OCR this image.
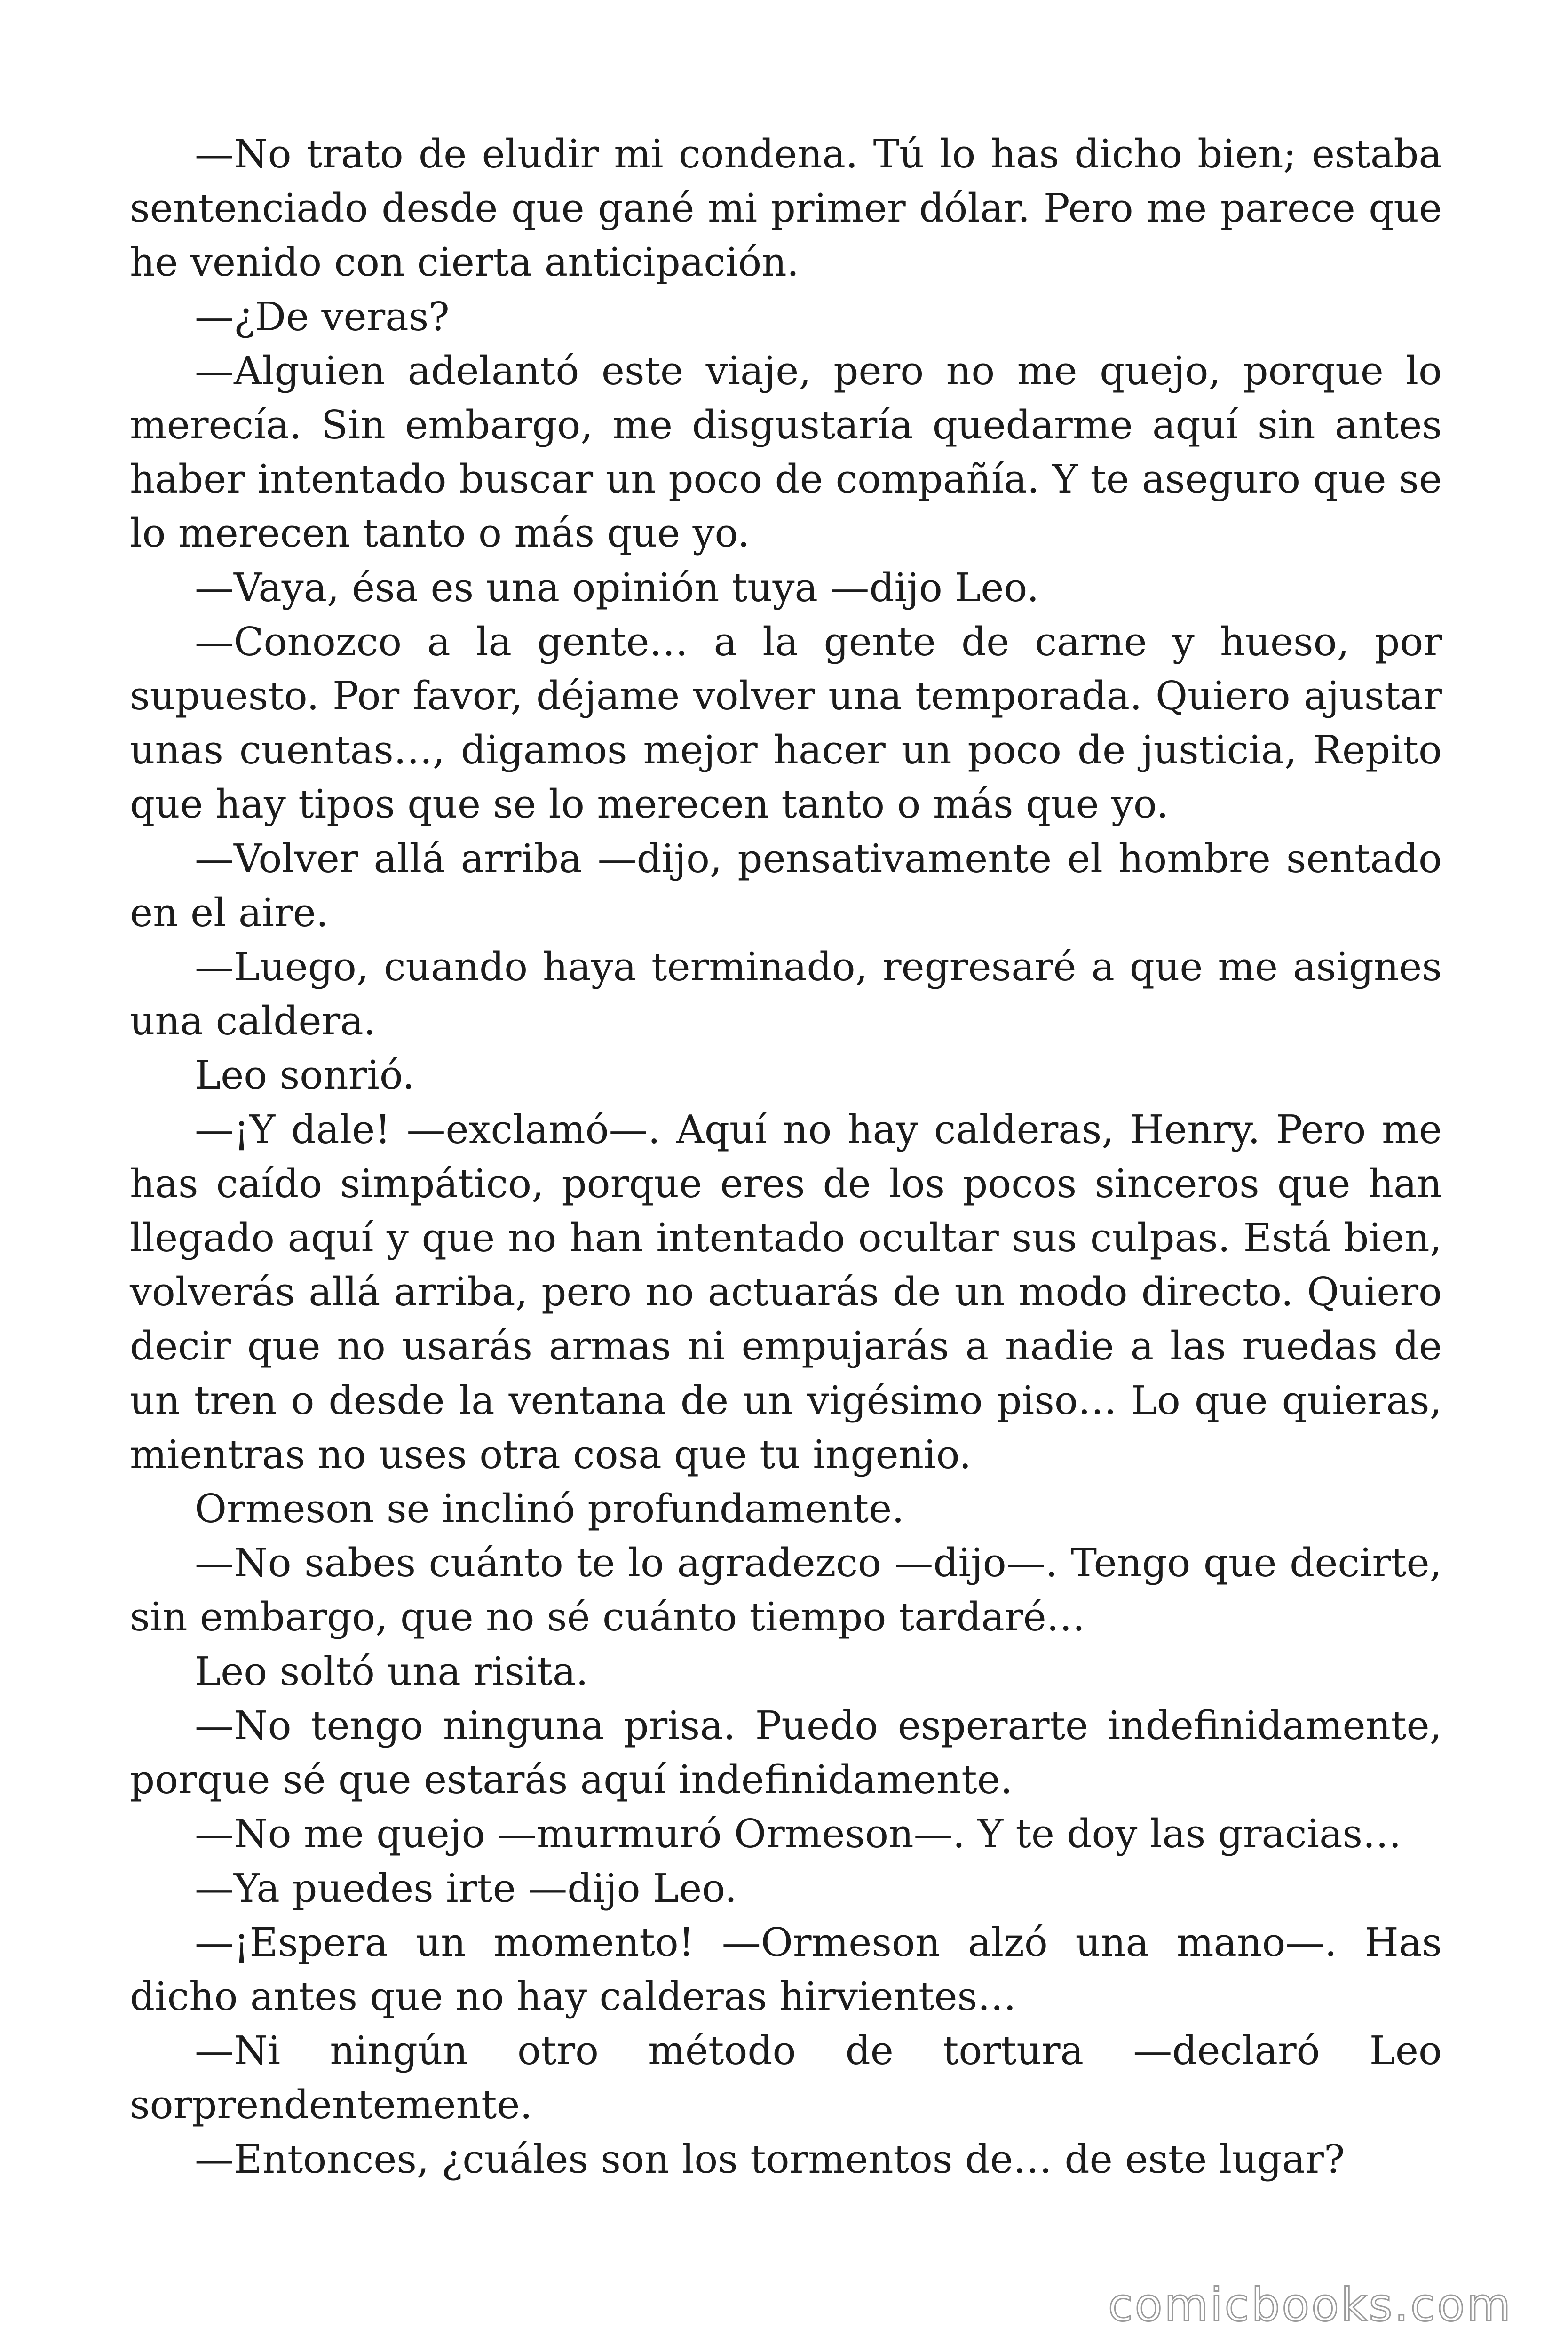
—No trato de eludir mi condena. Tú lo has dicho bien; estaba sentenciado desde que gané mi primer dólar. Pero me parece que he venido con cierta anticipación.

—¿De veras?

—Alguien adelantó este viaje, pero no me quejo, porque lo merecía. Sin embargo, me disgustaría quedarme aquí sin antes haber intentado buscar un poco de compañía. Y te aseguro que se lo merecen tanto o más que yo.

—Vaya, ésa es una opinión tuya —dijo Leo.

—Conozco a la gente… a la gente de carne y hueso, por supuesto. Por favor, déjame volver una temporada. Quiero ajustar unas cuentas…, digamos mejor hacer un poco de justicia, Repito que hay tipos que se lo merecen tanto o más que yo.

—Volver allá arriba —dijo, pensativamente el hombre sentado en el aire.

—Luego, cuando haya terminado, regresaré a que me asignes una caldera.

Leo sonrió.

—¡Y dale! —exclamó—. Aquí no hay calderas, Henry. Pero me has caído simpático, porque eres de los pocos sinceros que han llegado aquí y que no han intentado ocultar sus culpas. Está bien, volverás allá arriba, pero no actuarás de un modo directo. Quiero decir que no usarás armas ni empujarás a nadie a las ruedas de un tren o desde la ventana de un vigésimo piso… Lo que quieras, mientras no uses otra cosa que tu ingenio.

Ormeson se inclinó profundamente.

—No sabes cuánto te lo agradezco —dijo—. Tengo que decirte, sin embargo, que no sé cuánto tiempo tardaré…

Leo soltó una risita.

—No tengo ninguna prisa. Puedo esperarte indefinidamente, porque sé que estarás aquí indefinidamente.

—No me quejo —murmuró Ormeson—. Y te doy las gracias…

—Ya puedes irte —dijo Leo.

—¡Espera un momento! —Ormeson alzó una mano—. Has dicho antes que no hay calderas hirvientes…

—Ni ningún otro método de tortura —declaró Leo sorprendentemente.

—Entonces, ¿cuáles son los tormentos de… de este lugar?

comicbooks.com
